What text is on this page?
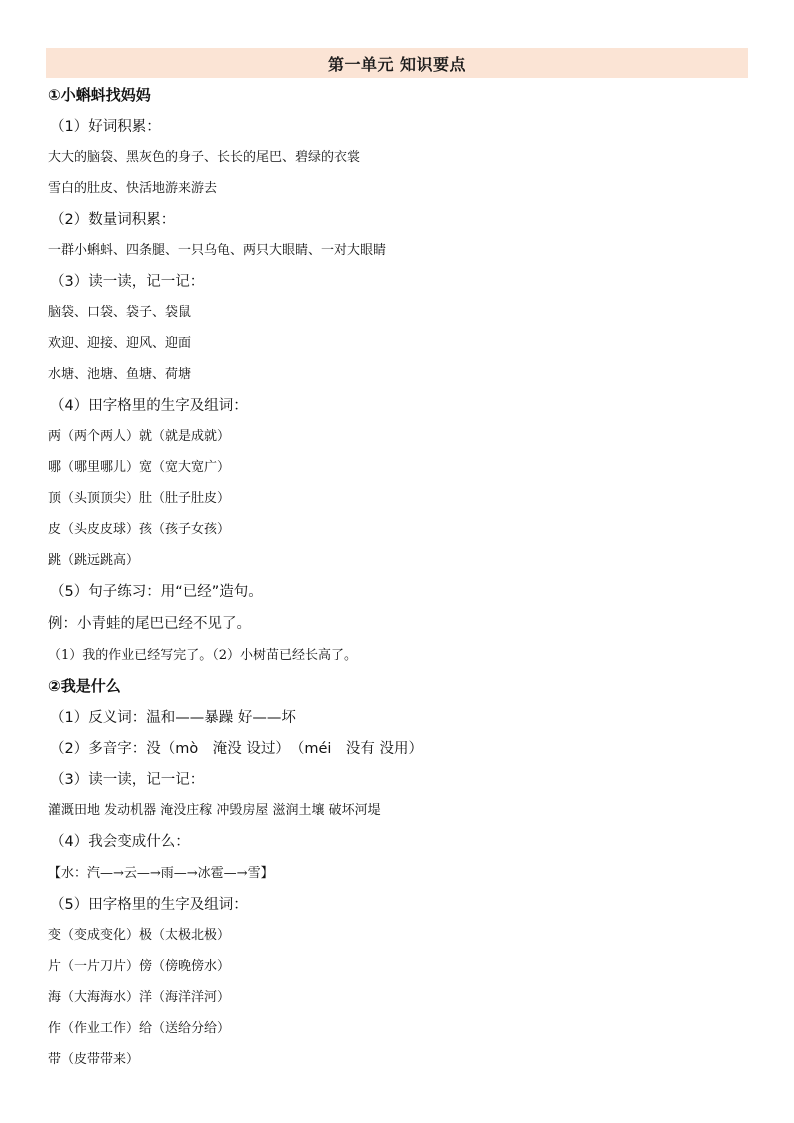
第一单元 知识要点
①小蝌蚪找妈妈
（1）好词积累：
大大的脑袋、黑灰色的身子、长长的尾巴、碧绿的衣裳
雪白的肚皮、快活地游来游去
（2）数量词积累：
一群小蝌蚪、四条腿、一只乌龟、两只大眼睛、一对大眼睛
（3）读一读，记一记：
脑袋、口袋、袋子、袋鼠
欢迎、迎接、迎风、迎面
水塘、池塘、鱼塘、荷塘
（4）田字格里的生字及组词：
两（两个两人）就（就是成就）
哪（哪里哪儿）宽（宽大宽广）
顶（头顶顶尖）肚（肚子肚皮）
皮（头皮皮球）孩（孩子女孩）
跳（跳远跳高）
（5）句子练习：用“已经”造句。
例：小青蛙的尾巴已经不见了。
（1）我的作业已经写完了。（2）小树苗已经长高了。
②我是什么
（1）反义词：温和——暴躁 好——坏
（2）多音字：没（mò　淹没 设过）　（méi　没有 没用）
（3）读一读，记一记：
灌溉田地 发动机器 淹没庄稼 冲毁房屋 滋润土壤 破坏河堤
（4）我会变成什么：
【水：汽—→云—→雨—→冰雹—→雪】
（5）田字格里的生字及组词：
变（变成变化）极（太极北极）
片（一片刀片）傍（傍晚傍水）
海（大海海水）洋（海洋洋河）
作（作业工作）给（送给分给）
带（皮带带来）
